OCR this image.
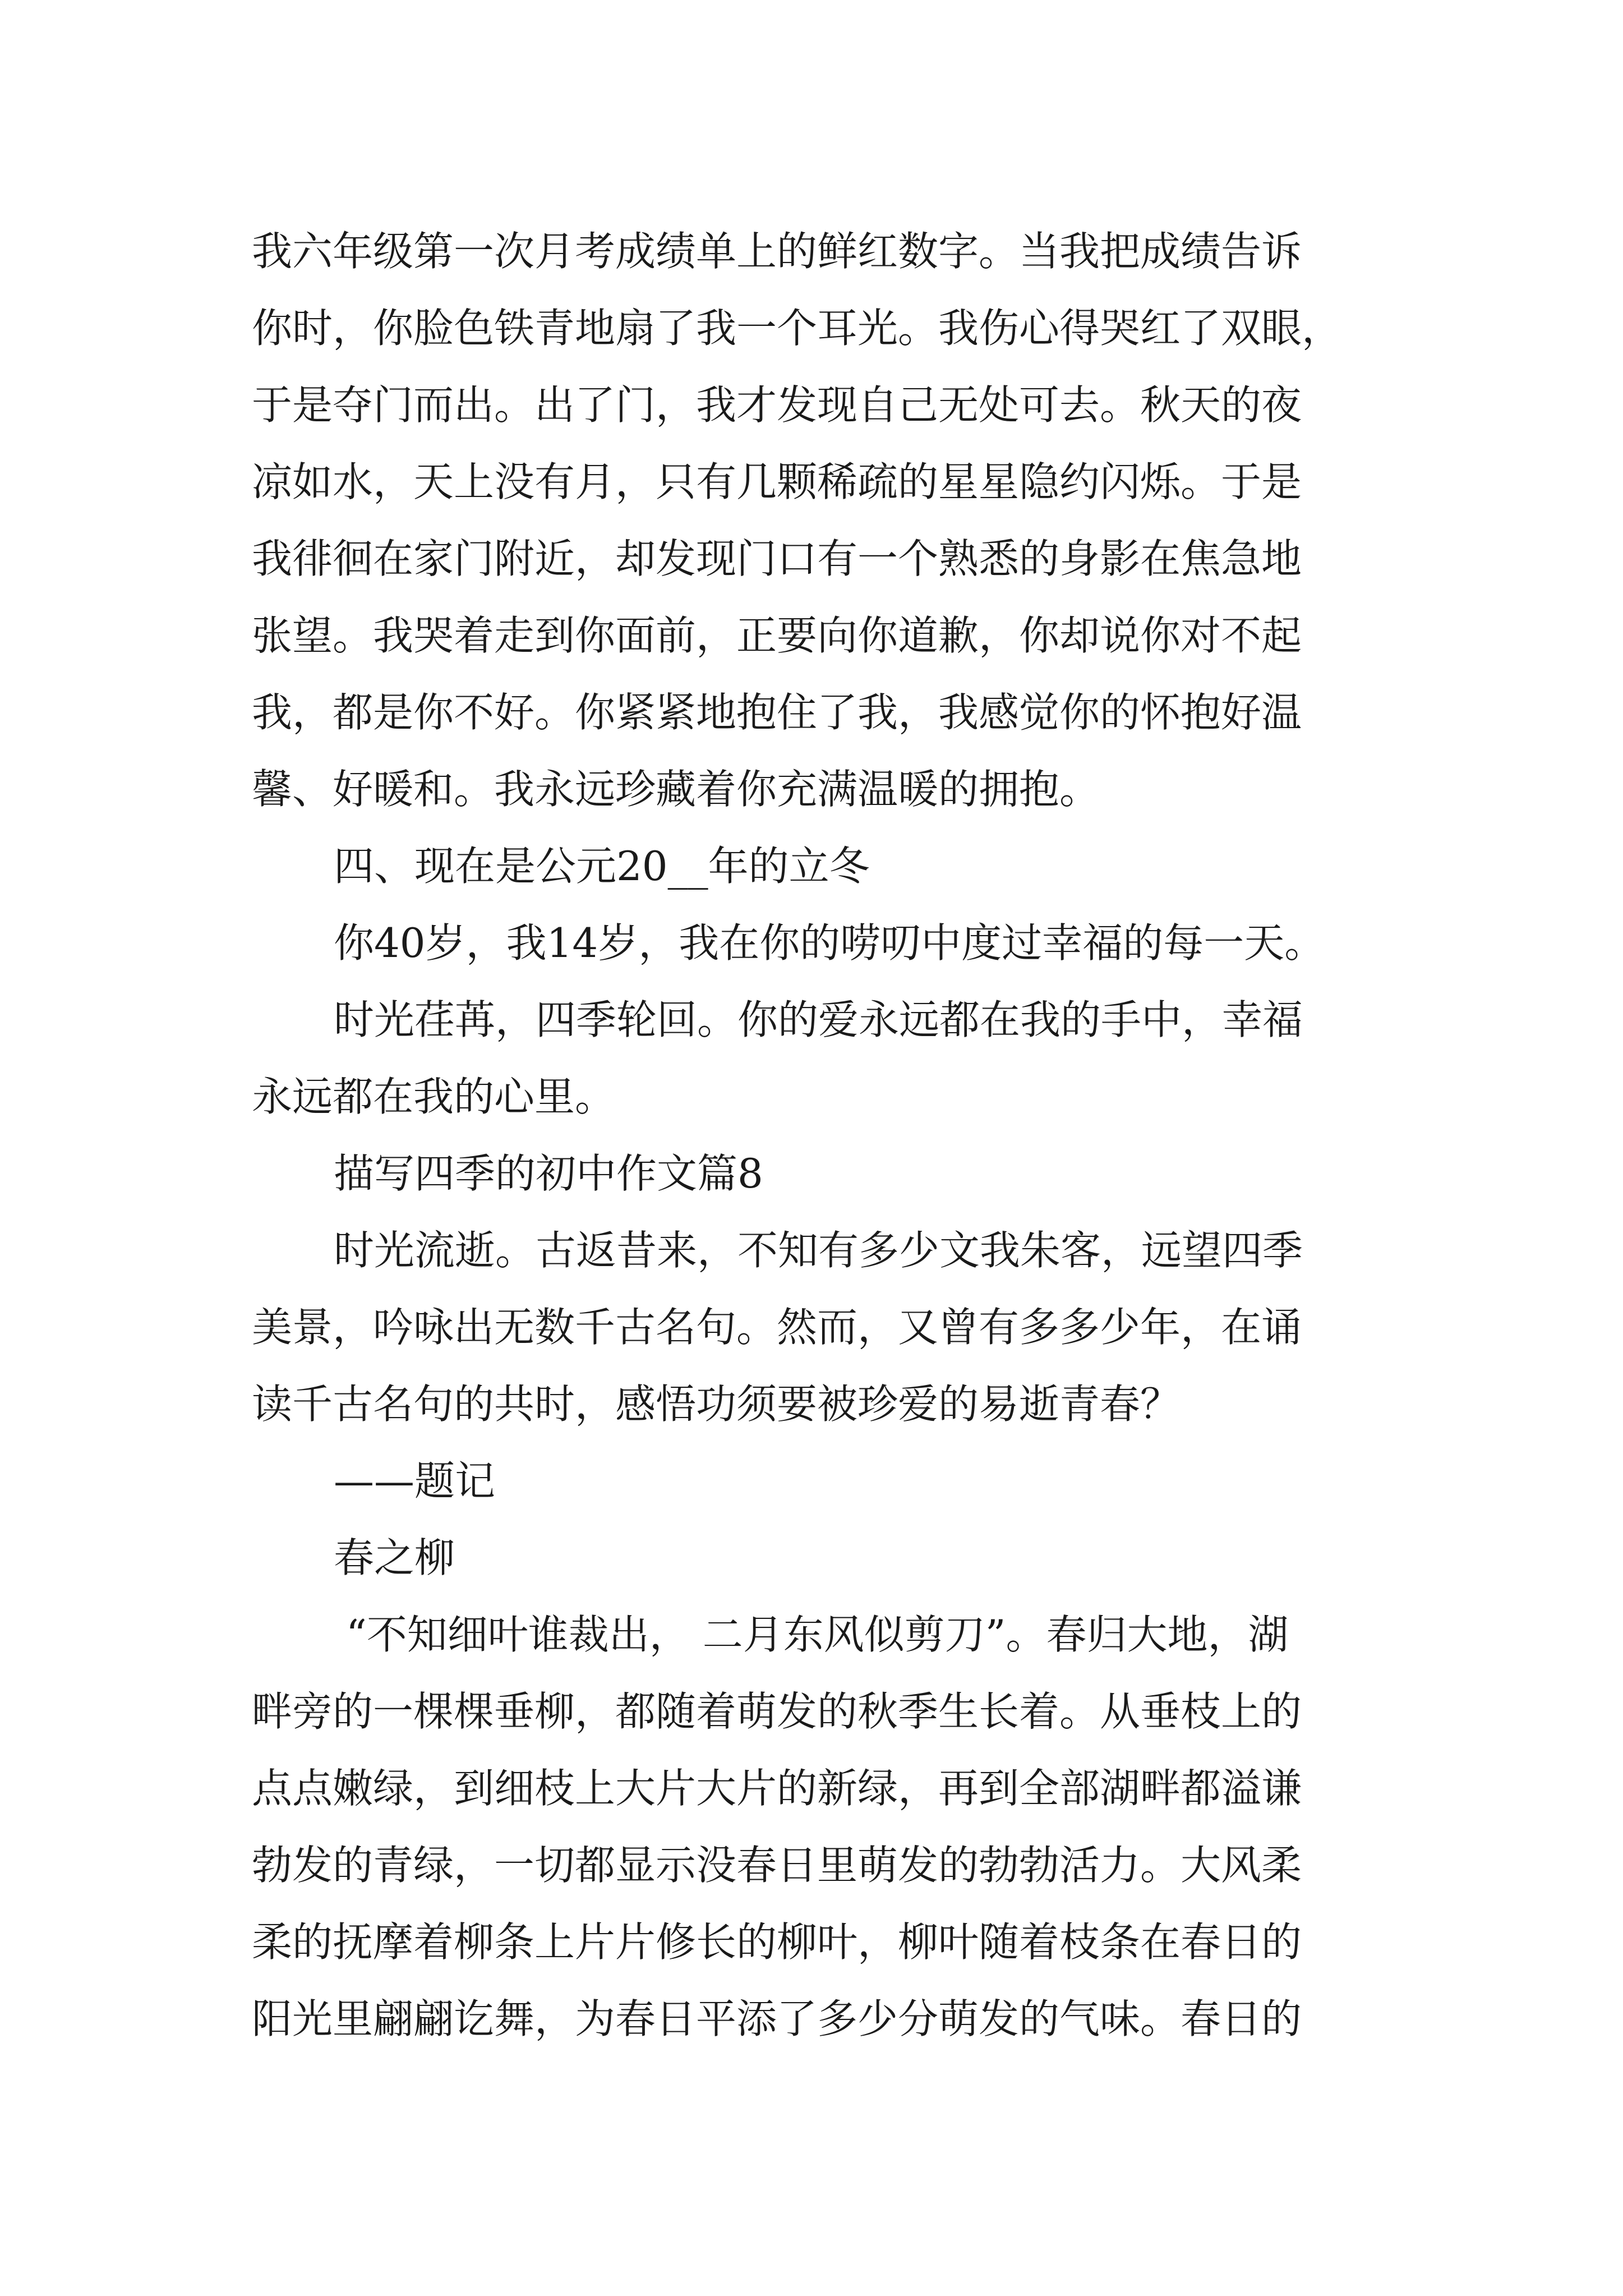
我六年级第一次月考成绩单上的鲜红数字。当我把成绩告诉
你时，你脸色铁青地扇了我一个耳光。我伤心得哭红了双眼，
于是夺门而出。出了门，我才发现自己无处可去。秋天的夜
凉如水，天上没有月，只有几颗稀疏的星星隐约闪烁。于是
我徘徊在家门附近，却发现门口有一个熟悉的身影在焦急地
张望。我哭着走到你面前，正要向你道歉，你却说你对不起
我，都是你不好。你紧紧地抱住了我，我感觉你的怀抱好温
馨、好暖和。我永远珍藏着你充满温暖的拥抱。
四、现在是公元20__年的立冬
你40岁，我14岁，我在你的唠叨中度过幸福的每一天。
时光荏苒，四季轮回。你的爱永远都在我的手中，幸福
永远都在我的心里。
描写四季的初中作文篇8
时光流逝。古返昔来，不知有多少文我朱客，远望四季
美景，吟咏出无数千古名句。然而，又曾有多多少年，在诵
读千古名句的共时，感悟功须要被珍爱的易逝青春？
——题记
春之柳
“不知细叶谁裁出， 二月东风似剪刀”。春归大地，湖
畔旁的一棵棵垂柳，都随着萌发的秋季生长着。从垂枝上的
点点嫩绿，到细枝上大片大片的新绿，再到全部湖畔都溢谦
勃发的青绿，一切都显示没春日里萌发的勃勃活力。大风柔
柔的抚摩着柳条上片片修长的柳叶，柳叶随着枝条在春日的
阳光里翩翩讫舞，为春日平添了多少分萌发的气味。春日的
